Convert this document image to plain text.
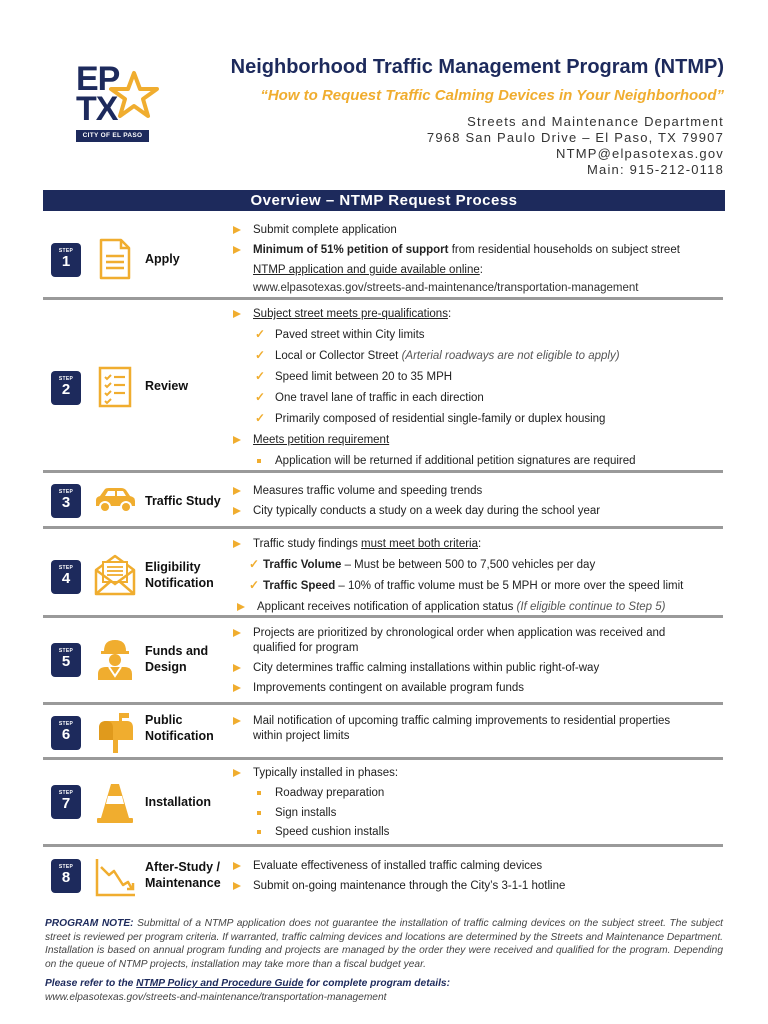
EP
TX
CITY OF EL PASO
Neighborhood Traffic Management Program (NTMP)
“How to Request Traffic Calming Devices in Your Neighborhood”
Streets and Maintenance Department
7968 San Paulo Drive – El Paso, TX 79907
NTMP@elpasotexas.gov
Main: 915-212-0118
Overview – NTMP Request Process
STEP
1	Apply
Submit complete application
Minimum of 51% petition of support from residential households on subject street
NTMP application and guide available online:
www.elpasotexas.gov/streets-and-maintenance/transportation-management
STEP
2	Review
Subject street meets pre-qualifications:
✓ Paved street within City limits
✓ Local or Collector Street (Arterial roadways are not eligible to apply)
✓ Speed limit between 20 to 35 MPH
✓ One travel lane of traffic in each direction
✓ Primarily composed of residential single-family or duplex housing
Meets petition requirement
Application will be returned if additional petition signatures are required
STEP
3	Traffic Study
Measures traffic volume and speeding trends
City typically conducts a study on a week day during the school year
STEP
4
Eligibility
Notification
Traffic study findings must meet both criteria:
✓ Traffic Volume – Must be between 500 to 7,500 vehicles per day
✓ Traffic Speed – 10% of traffic volume must be 5 MPH or more over the speed limit
Applicant receives notification of application status (If eligible continue to Step 5)
STEP
5
Funds and
Design
Projects are prioritized by chronological order when application was received and
qualified for program
City determines traffic calming installations within public right-of-way
Improvements contingent on available program funds
STEP
6
Public
Notification
Mail notification of upcoming traffic calming improvements to residential properties
within project limits
STEP
7	Installation
Typically installed in phases:
Roadway preparation
Sign installs
Speed cushion installs
STEP
8
After-Study /
Maintenance
Evaluate effectiveness of installed traffic calming devices
Submit on-going maintenance through the City’s 3-1-1 hotline
PROGRAM NOTE: Submittal of a NTMP application does not guarantee the installation of traffic calming devices on the subject street. The subject street is reviewed per program criteria. If warranted, traffic calming devices and locations are determined by the Streets and Maintenance Department. Installation is based on annual program funding and projects are managed by the order they were received and qualified for the program. Depending on the queue of NTMP projects, installation may take more than a fiscal budget year.
Please refer to the NTMP Policy and Procedure Guide for complete program details:
www.elpasotexas.gov/streets-and-maintenance/transportation-management
